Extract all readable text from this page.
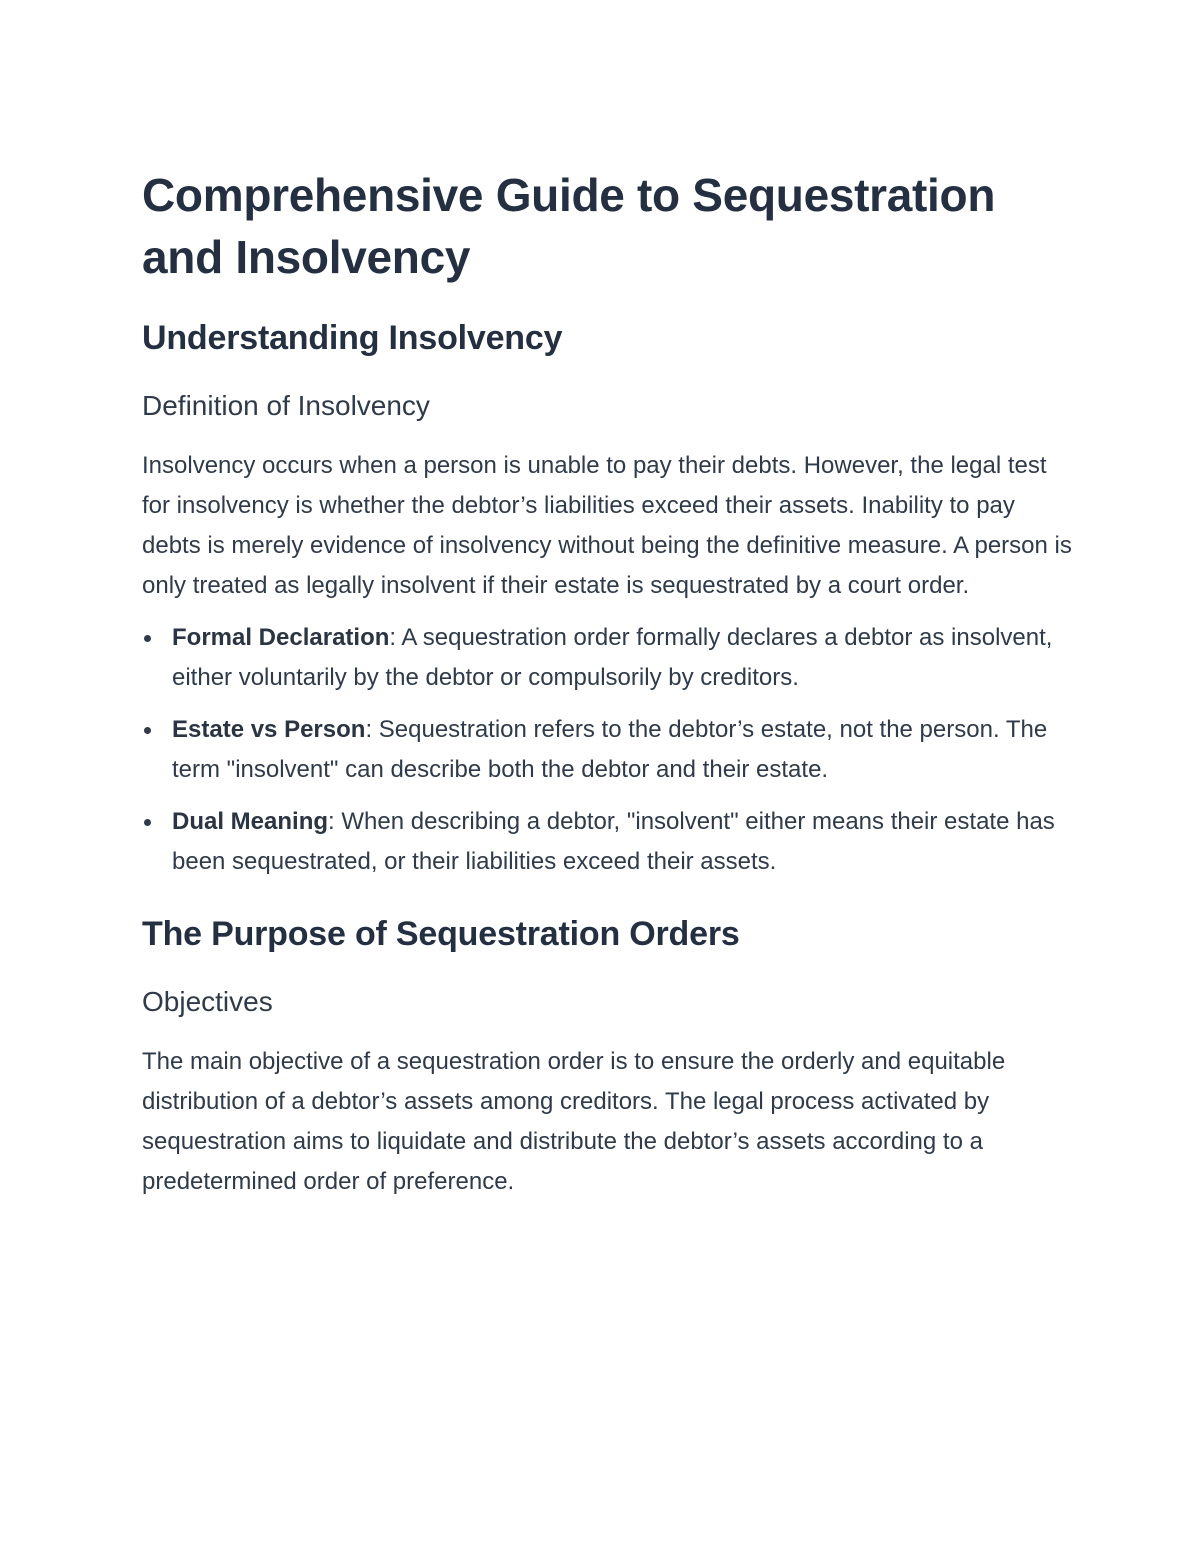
Comprehensive Guide to Sequestration and Insolvency
Understanding Insolvency
Definition of Insolvency

Insolvency occurs when a person is unable to pay their debts. However, the legal test for insolvency is whether the debtor’s liabilities exceed their assets. Inability to pay debts is merely evidence of insolvency without being the definitive measure. A person is only treated as legally insolvent if their estate is sequestrated by a court order.

Formal Declaration: A sequestration order formally declares a debtor as insolvent, either voluntarily by the debtor or compulsorily by creditors.
Estate vs Person: Sequestration refers to the debtor’s estate, not the person. The term "insolvent" can describe both the debtor and their estate.
Dual Meaning: When describing a debtor, "insolvent" either means their estate has been sequestrated, or their liabilities exceed their assets.
The Purpose of Sequestration Orders
Objectives

The main objective of a sequestration order is to ensure the orderly and equitable distribution of a debtor’s assets among creditors. The legal process activated by sequestration aims to liquidate and distribute the debtor’s assets according to a predetermined order of preference.
